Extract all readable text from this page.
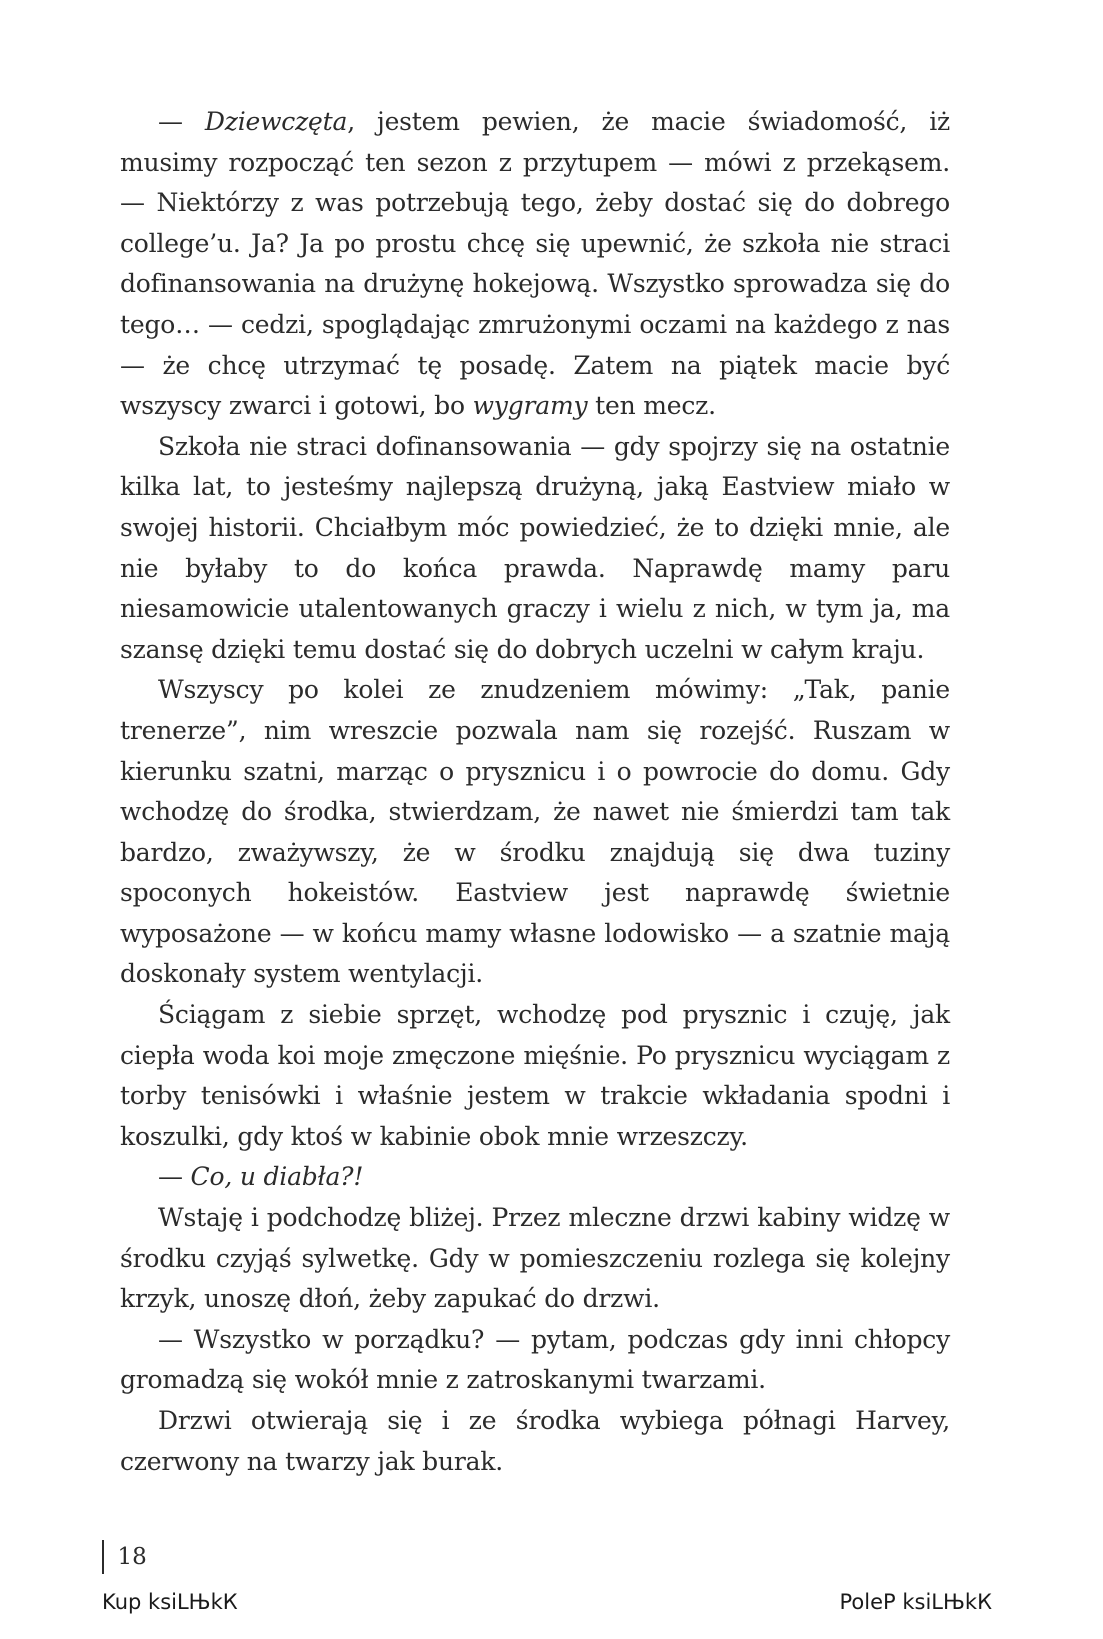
— Dziewczęta, jestem pewien, że macie świadomość, iż musimy rozpocząć ten sezon z przytupem — mówi z przekąsem. — Niektórzy z was potrzebują tego, żeby dostać się do dobrego college’u. Ja? Ja po prostu chcę się upewnić, że szkoła nie straci dofinansowania na drużynę hokejową. Wszystko sprowadza się do tego… — cedzi, spoglądając zmrużonymi oczami na każdego z nas — że chcę utrzymać tę posadę. Zatem na piątek macie być wszyscy zwarci i gotowi, bo wygramy ten mecz.

Szkoła nie straci dofinansowania — gdy spojrzy się na ostatnie kilka lat, to jesteśmy najlepszą drużyną, jaką Eastview miało w swojej historii. Chciałbym móc powiedzieć, że to dzięki mnie, ale nie byłaby to do końca prawda. Naprawdę mamy paru niesamowicie utalentowanych graczy i wielu z nich, w tym ja, ma szansę dzięki temu dostać się do dobrych uczelni w całym kraju.

Wszyscy po kolei ze znudzeniem mówimy: „Tak, panie trenerze”, nim wreszcie pozwala nam się rozejść. Ruszam w kierunku szatni, marząc o prysznicu i o powrocie do domu. Gdy wchodzę do środka, stwierdzam, że nawet nie śmierdzi tam tak bardzo, zważywszy, że w środku znajdują się dwa tuziny spoconych hokeistów. Eastview jest naprawdę świetnie wyposażone — w końcu mamy własne lodowisko — a szatnie mają doskonały system wentylacji.

Ściągam z siebie sprzęt, wchodzę pod prysznic i czuję, jak ciepła woda koi moje zmęczone mięśnie. Po prysznicu wyciągam z torby tenisówki i właśnie jestem w trakcie wkładania spodni i koszulki, gdy ktoś w kabinie obok mnie wrzeszczy.

— Co, u diabła?!

Wstaję i podchodzę bliżej. Przez mleczne drzwi kabiny widzę w środku czyjąś sylwetkę. Gdy w pomieszczeniu rozlega się kolejny krzyk, unoszę dłoń, żeby zapukać do drzwi.

— Wszystko w porządku? — pytam, podczas gdy inni chłopcy gromadzą się wokół mnie z zatroskanymi twarzami.

Drzwi otwierają się i ze środka wybiega półnagi Harvey, czerwony na twarzy jak burak.

18
Kup ksiLЊkК	PoleР ksiLЊkК
